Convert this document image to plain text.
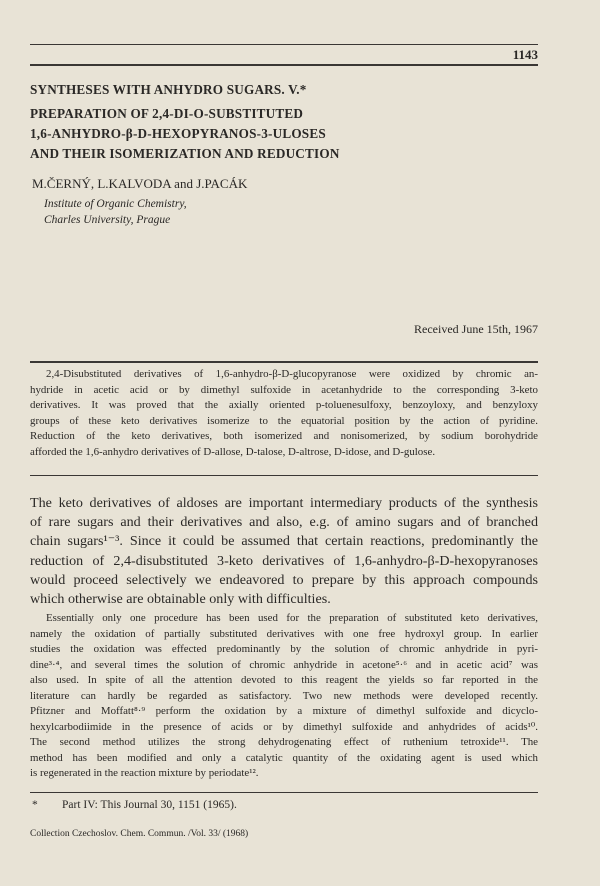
1143
SYNTHESES WITH ANHYDRO SUGARS. V.*
PREPARATION OF 2,4-DI-O-SUBSTITUTED
1,6-ANHYDRO-β-D-HEXOPYRANOS-3-ULOSES
AND THEIR ISOMERIZATION AND REDUCTION
M.ČERNÝ, L.KALVODA and J.PACÁK
Institute of Organic Chemistry,
Charles University, Prague
Received June 15th, 1967
2,4-Disubstituted derivatives of 1,6-anhydro-β-D-glucopyranose were oxidized by chromic an-
hydride in acetic acid or by dimethyl sulfoxide in acetanhydride to the corresponding 3-keto
derivatives. It was proved that the axially oriented p-toluenesulfoxy, benzoyloxy, and benzyloxy
groups of these keto derivatives isomerize to the equatorial position by the action of pyridine.
Reduction of the keto derivatives, both isomerized and nonisomerized, by sodium borohydride
afforded the 1,6-anhydro derivatives of D-allose, D-talose, D-altrose, D-idose, and D-gulose.
The keto derivatives of aldoses are important intermediary products of the synthesis
of rare sugars and their derivatives and also, e.g. of amino sugars and of branched
chain sugars¹⁻³. Since it could be assumed that certain reactions, predominantly the
reduction of 2,4-disubstituted 3-keto derivatives of 1,6-anhydro-β-D-hexopyranoses
would proceed selectively we endeavored to prepare by this approach compounds
which otherwise are obtainable only with difficulties.
Essentially only one procedure has been used for the preparation of substituted keto derivatives,
namely the oxidation of partially substituted derivatives with one free hydroxyl group. In earlier
studies the oxidation was effected predominantly by the solution of chromic anhydride in pyri-
dine³·⁴, and several times the solution of chromic anhydride in acetone⁵·⁶ and in acetic acid⁷ was
also used. In spite of all the attention devoted to this reagent the yields so far reported in the
literature can hardly be regarded as satisfactory. Two new methods were developed recently.
Pfitzner and Moffatt⁸·⁹ perform the oxidation by a mixture of dimethyl sulfoxide and dicyclo-
hexylcarbodiimide in the presence of acids or by dimethyl sulfoxide and anhydrides of acids¹⁰.
The second method utilizes the strong dehydrogenating effect of ruthenium tetroxide¹¹. The
method has been modified and only a catalytic quantity of the oxidating agent is used which
is regenerated in the reaction mixture by periodate¹².
* Part IV: This Journal 30, 1151 (1965).
Collection Czechoslov. Chem. Commun. /Vol. 33/ (1968)
